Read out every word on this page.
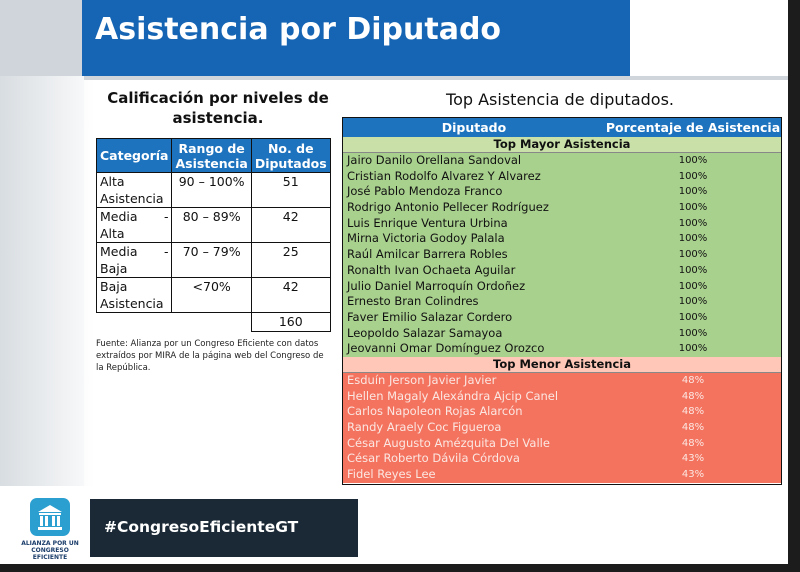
Asistencia por Diputado
Calificación por niveles de asistencia.
Categoría	Rango de Asistencia	No. de Diputados
Alta Asistencia	90 – 100%	51
Media - Alta	80 – 89%	42
Media - Baja	70 – 79%	25
Baja Asistencia	<70%	42
		160
Fuente: Alianza por un Congreso Eficiente con datos extraídos por MIRA de la página web del Congreso de la República.
Top Asistencia de diputados.
Diputado	Porcentaje de Asistencia
Top Mayor Asistencia
Jairo Danilo Orellana Sandoval	100%
Cristian Rodolfo Alvarez Y Alvarez	100%
José Pablo Mendoza Franco	100%
Rodrigo Antonio Pellecer Rodríguez	100%
Luis Enrique Ventura Urbina	100%
Mirna Victoria Godoy Palala	100%
Raúl Amilcar Barrera Robles	100%
Ronalth Ivan Ochaeta Aguilar	100%
Julio Daniel Marroquín Ordoñez	100%
Ernesto Bran Colindres	100%
Faver Emilio Salazar Cordero	100%
Leopoldo Salazar Samayoa	100%
Jeovanni Omar Domínguez Orozco	100%
Top Menor Asistencia
Esduín Jerson Javier Javier	48%
Hellen Magaly Alexándra Ajcip Canel	48%
Carlos Napoleon Rojas Alarcón	48%
Randy Araely Coc Figueroa	48%
César Augusto Amézquita Del Valle	48%
César Roberto Dávila Córdova	43%
Fidel Reyes Lee	43%
ALIANZA POR UN CONGRESO EFICIENTE
#CongresoEficienteGT
